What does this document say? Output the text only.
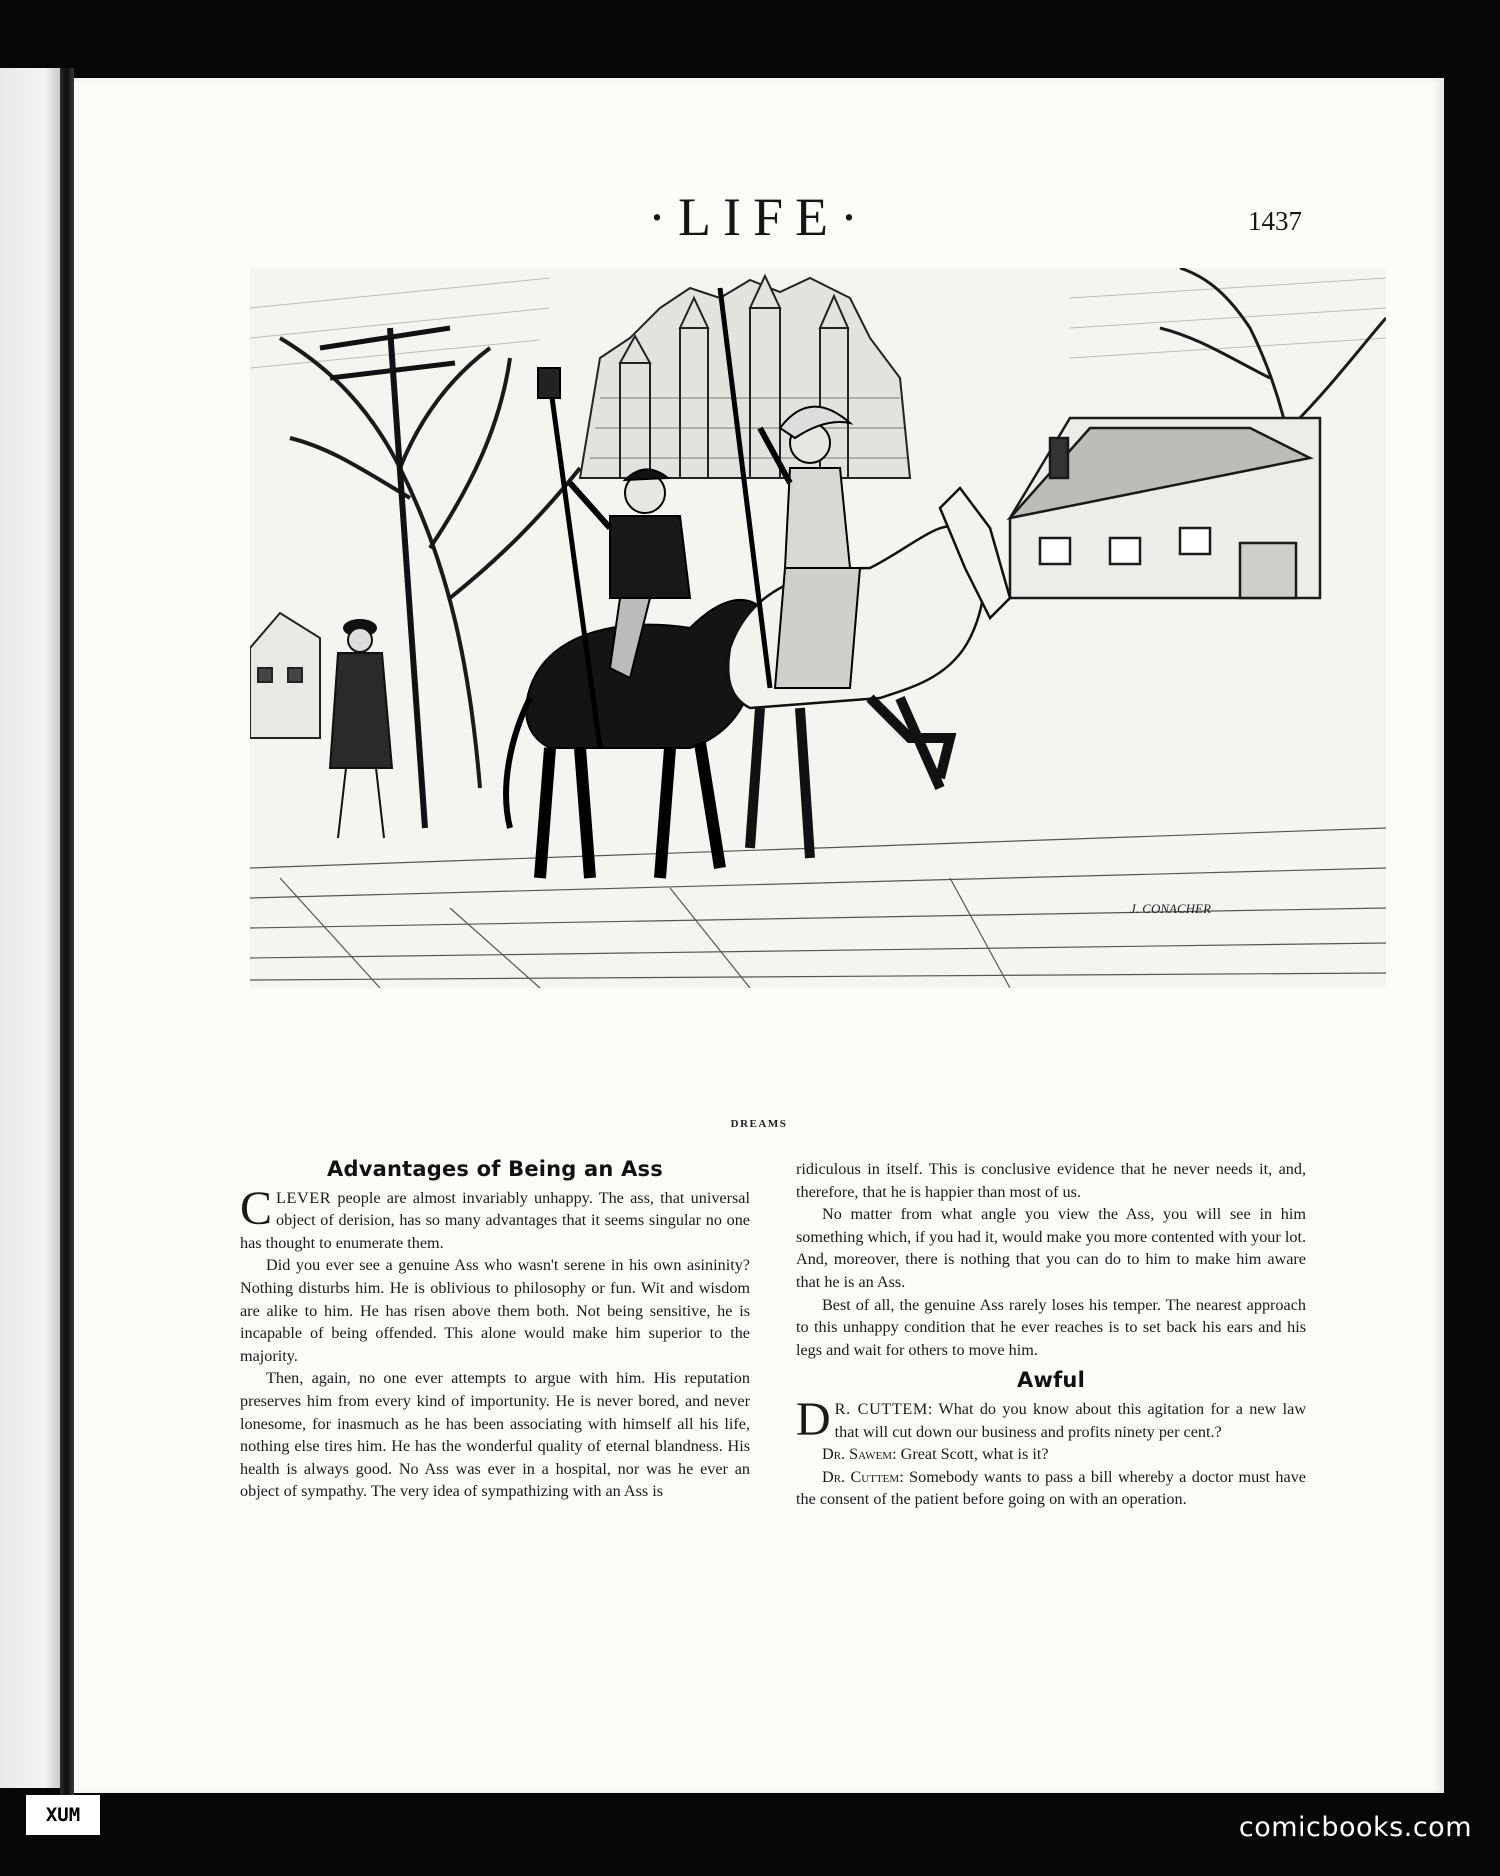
·LIFE·	1437
J. CONACHER
DREAMS
Advantages of Being an Ass

CLEVER people are almost invariably unhappy. The ass, that universal object of derision, has so many advantages that it seems singular no one has thought to enumerate them.

Did you ever see a genuine Ass who wasn't serene in his own asininity? Nothing disturbs him. He is oblivious to philosophy or fun. Wit and wisdom are alike to him. He has risen above them both. Not being sensitive, he is incapable of being offended. This alone would make him superior to the majority.

Then, again, no one ever attempts to argue with him. His reputation preserves him from every kind of importunity. He is never bored, and never lonesome, for inasmuch as he has been associating with himself all his life, nothing else tires him. He has the wonderful quality of eternal blandness. His health is always good. No Ass was ever in a hospital, nor was he ever an object of sympathy. The very idea of sympathizing with an Ass is

ridiculous in itself. This is conclusive evidence that he never needs it, and, therefore, that he is happier than most of us.

No matter from what angle you view the Ass, you will see in him something which, if you had it, would make you more contented with your lot. And, moreover, there is nothing that you can do to him to make him aware that he is an Ass.

Best of all, the genuine Ass rarely loses his temper. The nearest approach to this unhappy condition that he ever reaches is to set back his ears and his legs and wait for others to move him.

Awful

D R. CUTTEM: What do you know about this agitation for a new law that will cut down our business and profits ninety per cent.?

Dr. Sawem: Great Scott, what is it?

Dr. Cuttem: Somebody wants to pass a bill whereby a doctor must have the consent of the patient before going on with an operation.

XUM	comicbooks.com
